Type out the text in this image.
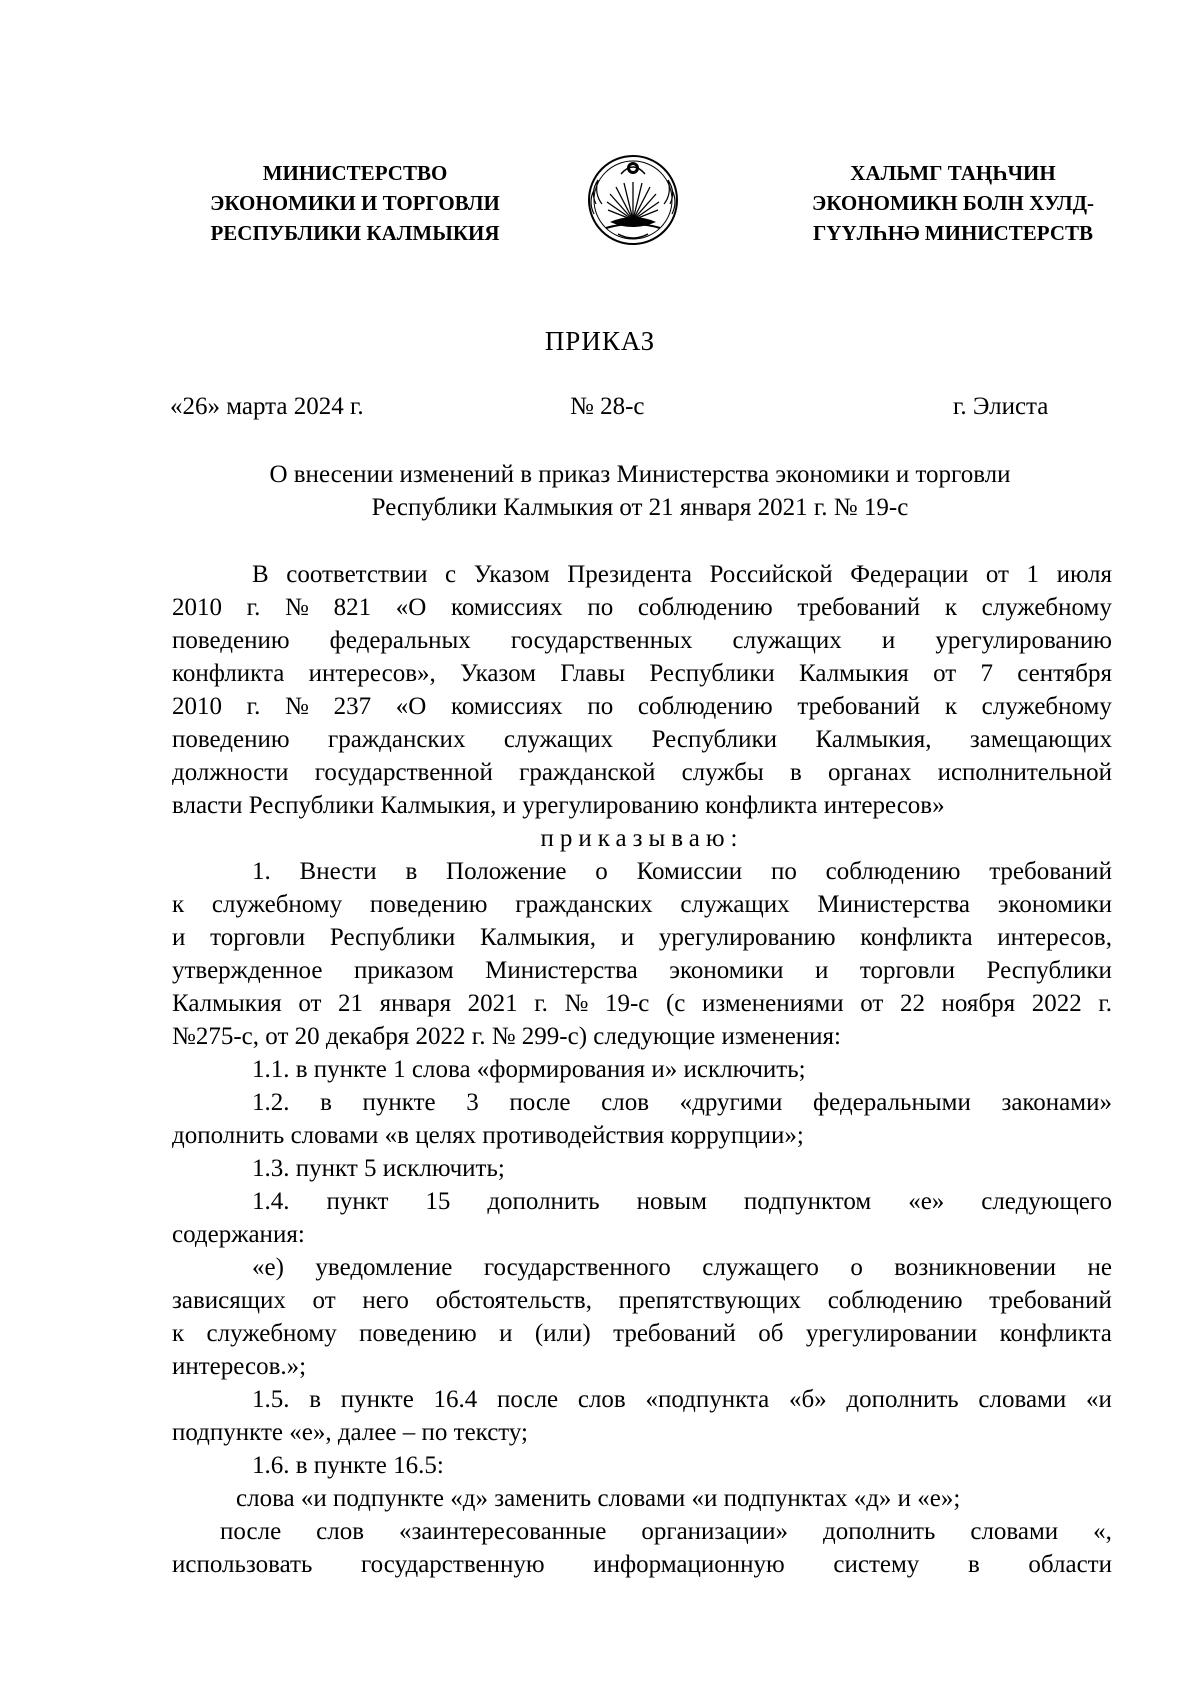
МИНИСТЕРСТВО
ЭКОНОМИКИ И ТОРГОВЛИ
РЕСПУБЛИКИ КАЛМЫКИЯ
ХАЛЬМГ ТАҢҺЧИН
ЭКОНОМИКН БОЛН ХУЛД-
ГҮҮЛҺНӘ МИНИСТЕРСТВ
ПРИКАЗ
«26» марта 2024 г.	№ 28-с	г. Элиста
О внесении изменений в приказ Министерства экономики и торговли
Республики Калмыкия от 21 января 2021 г. № 19-с
В соответствии с Указом Президента Российской Федерации от 1 июля
2010 г. № 821 «О комиссиях по соблюдению требований к служебному
поведению федеральных государственных служащих и урегулированию
конфликта интересов», Указом Главы Республики Калмыкия от 7 сентября
2010 г. № 237 «О комиссиях по соблюдению требований к служебному
поведению гражданских служащих Республики Калмыкия, замещающих
должности государственной гражданской службы в органах исполнительной
власти Республики Калмыкия, и урегулированию конфликта интересов»
приказываю:
1. Внести в Положение о Комиссии по соблюдению требований
к служебному поведению гражданских служащих Министерства экономики
и торговли Республики Калмыкия, и урегулированию конфликта интересов,
утвержденное приказом Министерства экономики и торговли Республики
Калмыкия от 21 января 2021 г. № 19-с (с изменениями от 22 ноября 2022 г.
№275-с, от 20 декабря 2022 г. № 299-с) следующие изменения:
1.1. в пункте 1 слова «формирования и» исключить;
1.2. в пункте 3 после слов «другими федеральными законами»
дополнить словами «в целях противодействия коррупции»;
1.3. пункт 5 исключить;
1.4. пункт 15 дополнить новым подпунктом «е» следующего
содержания:
«е) уведомление государственного служащего о возникновении не
зависящих от него обстоятельств, препятствующих соблюдению требований
к служебному поведению и (или) требований об урегулировании конфликта
интересов.»;
1.5. в пункте 16.4 после слов «подпункта «б» дополнить словами «и
подпункте «е», далее – по тексту;
1.6. в пункте 16.5:
слова «и подпункте «д» заменить словами «и подпунктах «д» и «е»;
после слов «заинтересованные организации» дополнить словами «,
использовать государственную информационную систему в области
